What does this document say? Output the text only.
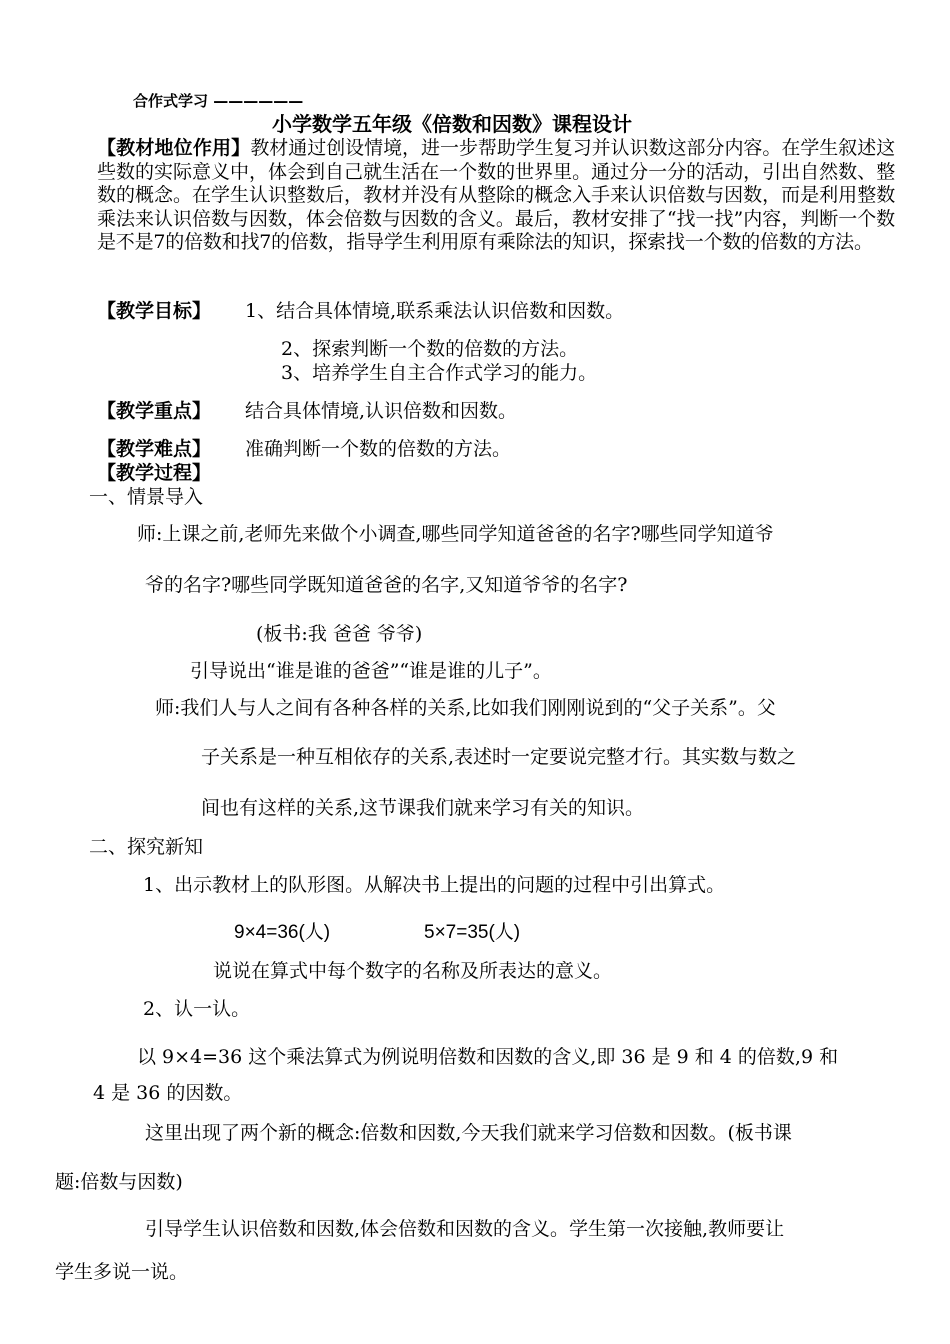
合作式学习 ——————
小学数学五年级《倍数和因数》课程设计
【教材地位作用】教材通过创设情境，进一步帮助学生复习并认识数这部分内容。在学生叙述这些数的实际意义中，体会到自己就生活在一个数的世界里。通过分一分的活动，引出自然数、整数的概念。在学生认识整数后，教材并没有从整除的概念入手来认识倍数与因数，而是利用整数乘法来认识倍数与因数，体会倍数与因数的含义。最后，教材安排了“找一找”内容，判断一个数是不是7的倍数和找7的倍数，指导学生利用原有乘除法的知识，探索找一个数的倍数的方法。
【教学目标】 1、结合具体情境,联系乘法认识倍数和因数。
2、探索判断一个数的倍数的方法。
3、培养学生自主合作式学习的能力。
【教学重点】 结合具体情境,认识倍数和因数。
【教学难点】 准确判断一个数的倍数的方法。
【教学过程】
一、情景导入
师:上课之前,老师先来做个小调查,哪些同学知道爸爸的名字?哪些同学知道爷
爷的名字?哪些同学既知道爸爸的名字,又知道爷爷的名字?
(板书:我 爸爸 爷爷)
引导说出“谁是谁的爸爸”“谁是谁的儿子”。
师:我们人与人之间有各种各样的关系,比如我们刚刚说到的“父子关系”。父
子关系是一种互相依存的关系,表述时一定要说完整才行。其实数与数之
间也有这样的关系,这节课我们就来学习有关的知识。
二、探究新知
1、出示教材上的队形图。从解决书上提出的问题的过程中引出算式。
9×4=36(人)	5×7=35(人)
说说在算式中每个数字的名称及所表达的意义。
2、认一认。
以 9×4=36 这个乘法算式为例说明倍数和因数的含义,即 36 是 9 和 4 的倍数,9 和
4 是 36 的因数。
这里出现了两个新的概念:倍数和因数,今天我们就来学习倍数和因数。(板书课
题:倍数与因数)
引导学生认识倍数和因数,体会倍数和因数的含义。学生第一次接触,教师要让
学生多说一说。
